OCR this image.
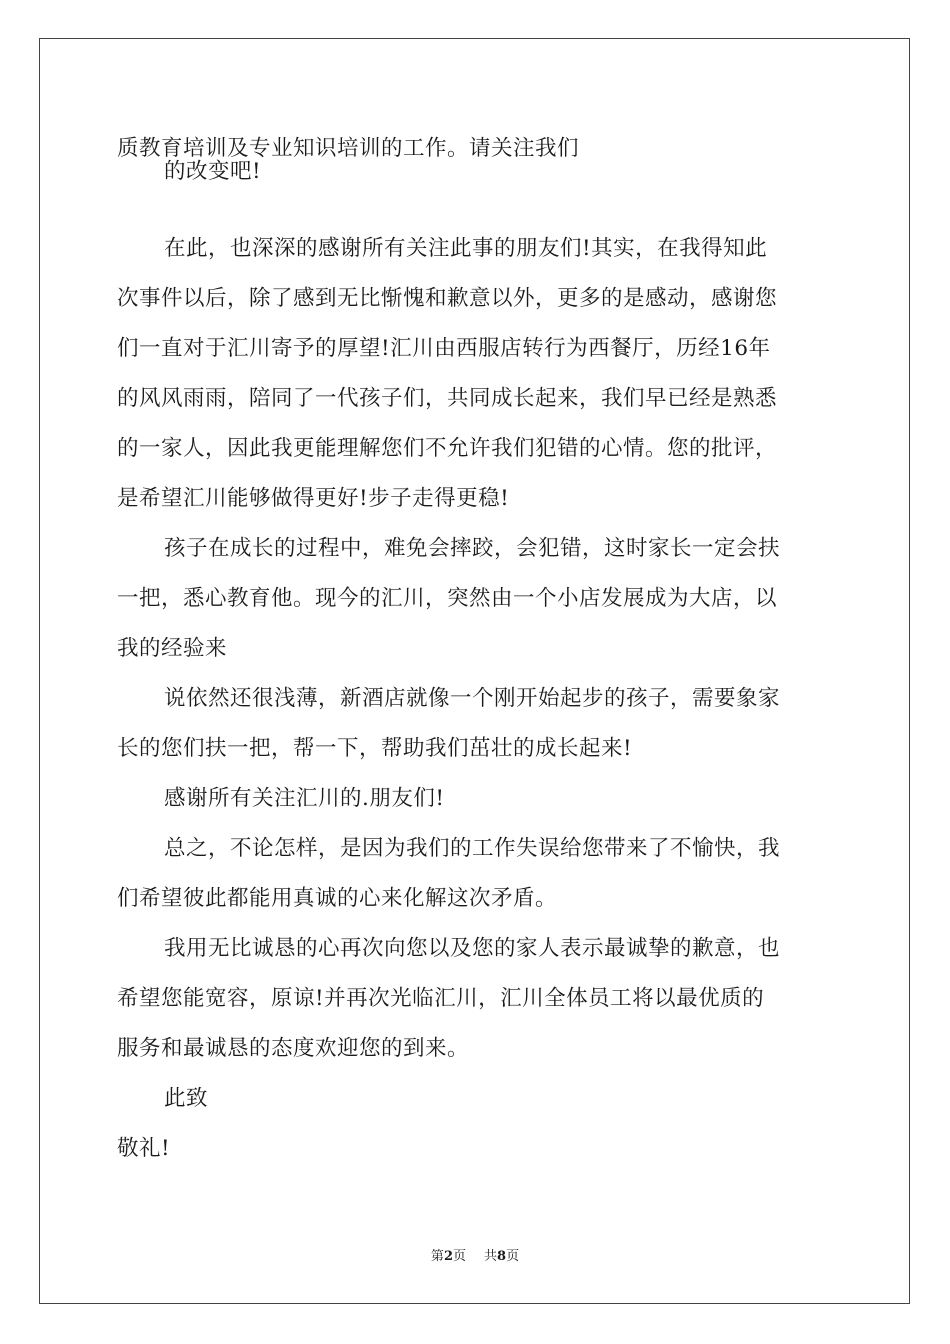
质教育培训及专业知识培训的工作。请关注我们

的改变吧!

在此，也深深的感谢所有关注此事的朋友们!其实，在我得知此

次事件以后，除了感到无比惭愧和歉意以外，更多的是感动，感谢您

们一直对于汇川寄予的厚望!汇川由西服店转行为西餐厅，历经16年

的风风雨雨，陪同了一代孩子们，共同成长起来，我们早已经是熟悉

的一家人，因此我更能理解您们不允许我们犯错的心情。您的批评，

是希望汇川能够做得更好!步子走得更稳!

孩子在成长的过程中，难免会摔跤，会犯错，这时家长一定会扶

一把，悉心教育他。现今的汇川，突然由一个小店发展成为大店，以

我的经验来

说依然还很浅薄，新酒店就像一个刚开始起步的孩子，需要象家

长的您们扶一把，帮一下，帮助我们茁壮的成长起来!

感谢所有关注汇川的.朋友们!

总之，不论怎样，是因为我们的工作失误给您带来了不愉快，我

们希望彼此都能用真诚的心来化解这次矛盾。

我用无比诚恳的心再次向您以及您的家人表示最诚挚的歉意，也

希望您能宽容，原谅!并再次光临汇川，汇川全体员工将以最优质的

服务和最诚恳的态度欢迎您的到来。

此致

敬礼!

第2页 共8页
